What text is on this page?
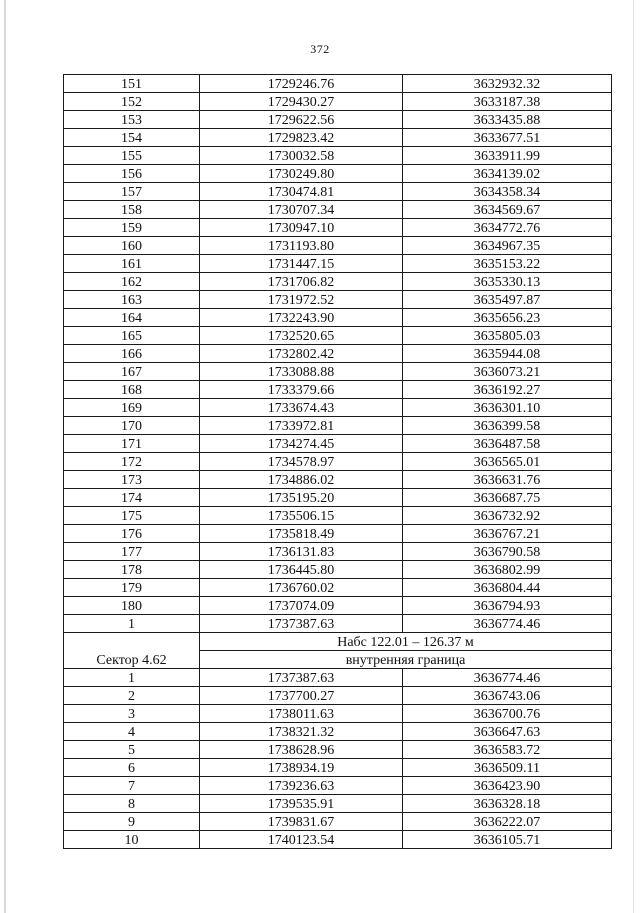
372
151	1729246.76	3632932.32
152	1729430.27	3633187.38
153	1729622.56	3633435.88
154	1729823.42	3633677.51
155	1730032.58	3633911.99
156	1730249.80	3634139.02
157	1730474.81	3634358.34
158	1730707.34	3634569.67
159	1730947.10	3634772.76
160	1731193.80	3634967.35
161	1731447.15	3635153.22
162	1731706.82	3635330.13
163	1731972.52	3635497.87
164	1732243.90	3635656.23
165	1732520.65	3635805.03
166	1732802.42	3635944.08
167	1733088.88	3636073.21
168	1733379.66	3636192.27
169	1733674.43	3636301.10
170	1733972.81	3636399.58
171	1734274.45	3636487.58
172	1734578.97	3636565.01
173	1734886.02	3636631.76
174	1735195.20	3636687.75
175	1735506.15	3636732.92
176	1735818.49	3636767.21
177	1736131.83	3636790.58
178	1736445.80	3636802.99
179	1736760.02	3636804.44
180	1737074.09	3636794.93
1	1737387.63	3636774.46
Сектор 4.62	Набс 122.01 – 126.37 м	
	внутренняя граница	
1	1737387.63	3636774.46
2	1737700.27	3636743.06
3	1738011.63	3636700.76
4	1738321.32	3636647.63
5	1738628.96	3636583.72
6	1738934.19	3636509.11
7	1739236.63	3636423.90
8	1739535.91	3636328.18
9	1739831.67	3636222.07
10	1740123.54	3636105.71
